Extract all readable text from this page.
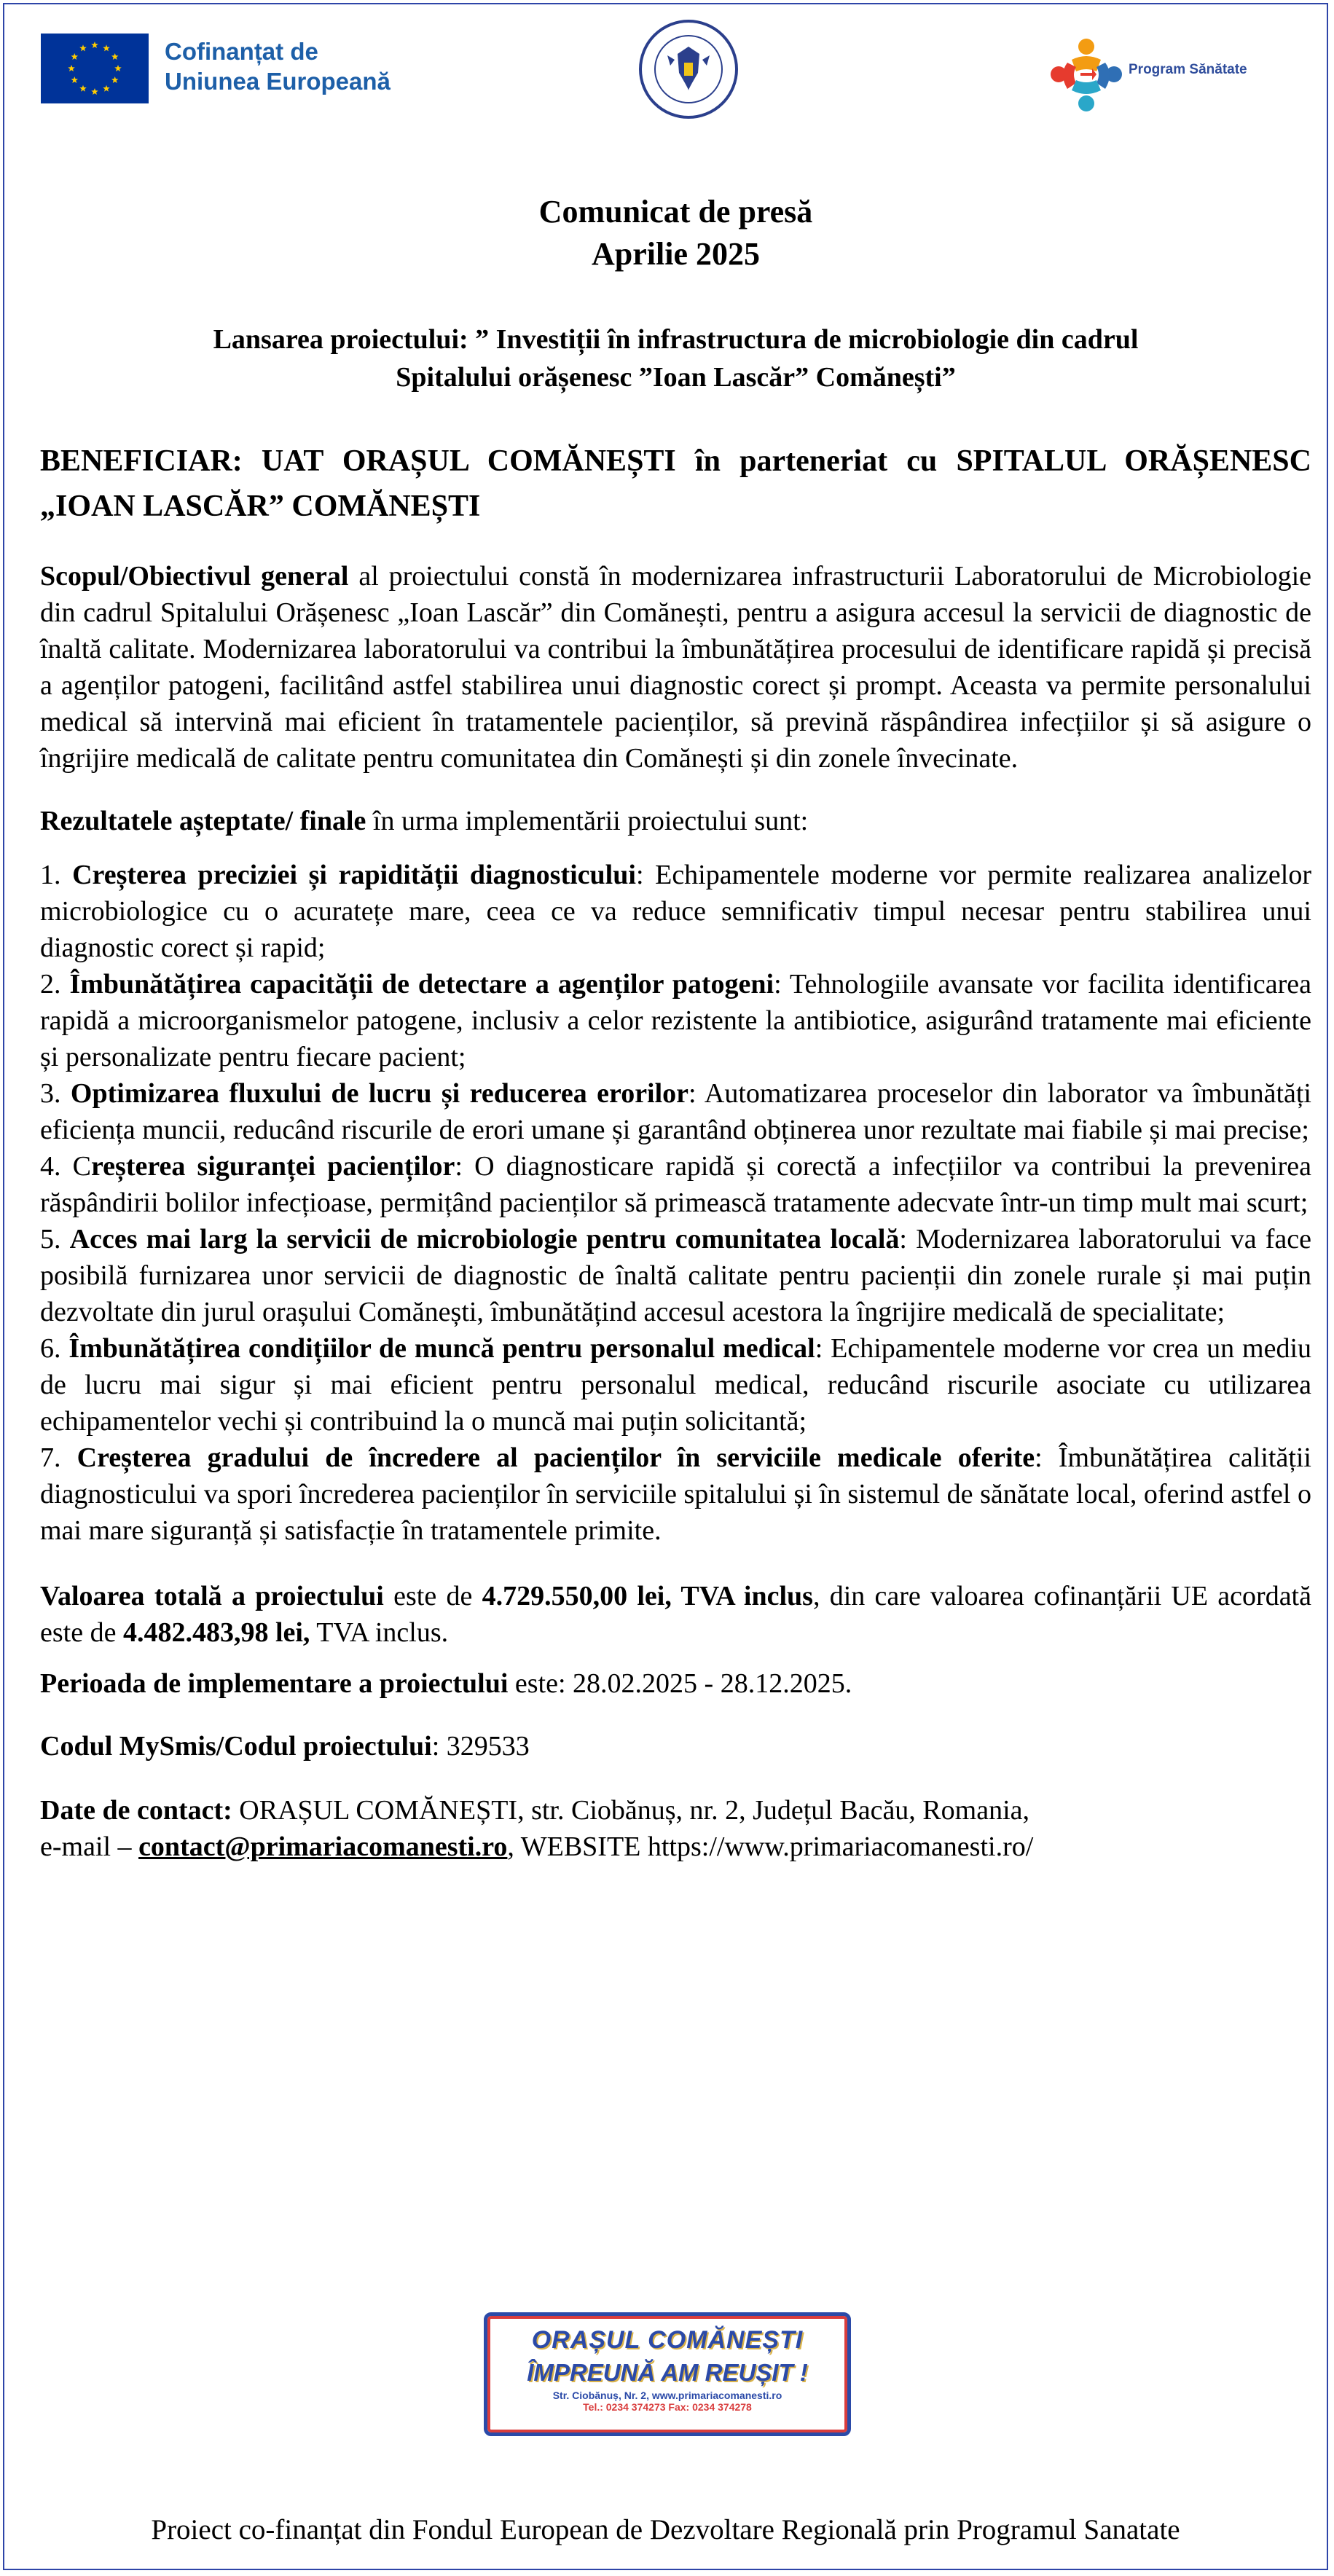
Cofinanțat de
Uniunea Europeană	Program Sănătate
Comunicat de presă
Aprilie 2025
Lansarea proiectului: ” Investiții în infrastructura de microbiologie din cadrul
Spitalului orășenesc ”Ioan Lascăr” Comănești”
BENEFICIAR: UAT ORAȘUL COMĂNEȘTI în parteneriat cu SPITALUL ORĂȘENESC „IOAN LASCĂR” COMĂNEȘTI
Scopul/Obiectivul general al proiectului constă în modernizarea infrastructurii Laboratorului de Microbiologie din cadrul Spitalului Orășenesc „Ioan Lascăr” din Comănești, pentru a asigura accesul la servicii de diagnostic de înaltă calitate. Modernizarea laboratorului va contribui la îmbunătățirea procesului de identificare rapidă și precisă a agenților patogeni, facilitând astfel stabilirea unui diagnostic corect și prompt. Aceasta va permite personalului medical să intervină mai eficient în tratamentele pacienților, să prevină răspândirea infecțiilor și să asigure o îngrijire medicală de calitate pentru comunitatea din Comănești și din zonele învecinate.
Rezultatele așteptate/ finale în urma implementării proiectului sunt:
1. Creșterea preciziei și rapidității diagnosticului: Echipamentele moderne vor permite realizarea analizelor microbiologice cu o acuratețe mare, ceea ce va reduce semnificativ timpul necesar pentru stabilirea unui diagnostic corect și rapid;
2. Îmbunătățirea capacității de detectare a agenților patogeni: Tehnologiile avansate vor facilita identificarea rapidă a microorganismelor patogene, inclusiv a celor rezistente la antibiotice, asigurând tratamente mai eficiente și personalizate pentru fiecare pacient;
3. Optimizarea fluxului de lucru și reducerea erorilor: Automatizarea proceselor din laborator va îmbunătăți eficiența muncii, reducând riscurile de erori umane și garantând obținerea unor rezultate mai fiabile și mai precise;
4. Creșterea siguranței pacienților: O diagnosticare rapidă și corectă a infecțiilor va contribui la prevenirea răspândirii bolilor infecțioase, permițând pacienților să primească tratamente adecvate într-un timp mult mai scurt;
5. Acces mai larg la servicii de microbiologie pentru comunitatea locală: Modernizarea laboratorului va face posibilă furnizarea unor servicii de diagnostic de înaltă calitate pentru pacienții din zonele rurale și mai puțin dezvoltate din jurul orașului Comănești, îmbunătățind accesul acestora la îngrijire medicală de specialitate;
6. Îmbunătățirea condițiilor de muncă pentru personalul medical: Echipamentele moderne vor crea un mediu de lucru mai sigur și mai eficient pentru personalul medical, reducând riscurile asociate cu utilizarea echipamentelor vechi și contribuind la o muncă mai puțin solicitantă;
7. Creșterea gradului de încredere al pacienților în serviciile medicale oferite: Îmbunătățirea calității diagnosticului va spori încrederea pacienților în serviciile spitalului și în sistemul de sănătate local, oferind astfel o mai mare siguranță și satisfacție în tratamentele primite.
Valoarea totală a proiectului este de 4.729.550,00 lei, TVA inclus, din care valoarea cofinanțării UE acordată este de 4.482.483,98 lei, TVA inclus.
Perioada de implementare a proiectului este: 28.02.2025 - 28.12.2025.
Codul MySmis/Codul proiectului: 329533
Date de contact: ORAȘUL COMĂNEȘTI, str. Ciobănuș, nr. 2, Județul Bacău, Romania,
e-mail – contact@primariacomanesti.ro, WEBSITE https://www.primariacomanesti.ro/
ORAȘUL COMĂNEȘTI
ÎMPREUNĂ AM REUȘIT !
Str. Ciobănuș, Nr. 2, www.primariacomanesti.ro
Tel.: 0234 374273 Fax: 0234 374278
Proiect co-finanțat din Fondul European de Dezvoltare Regională prin Programul Sanatate
